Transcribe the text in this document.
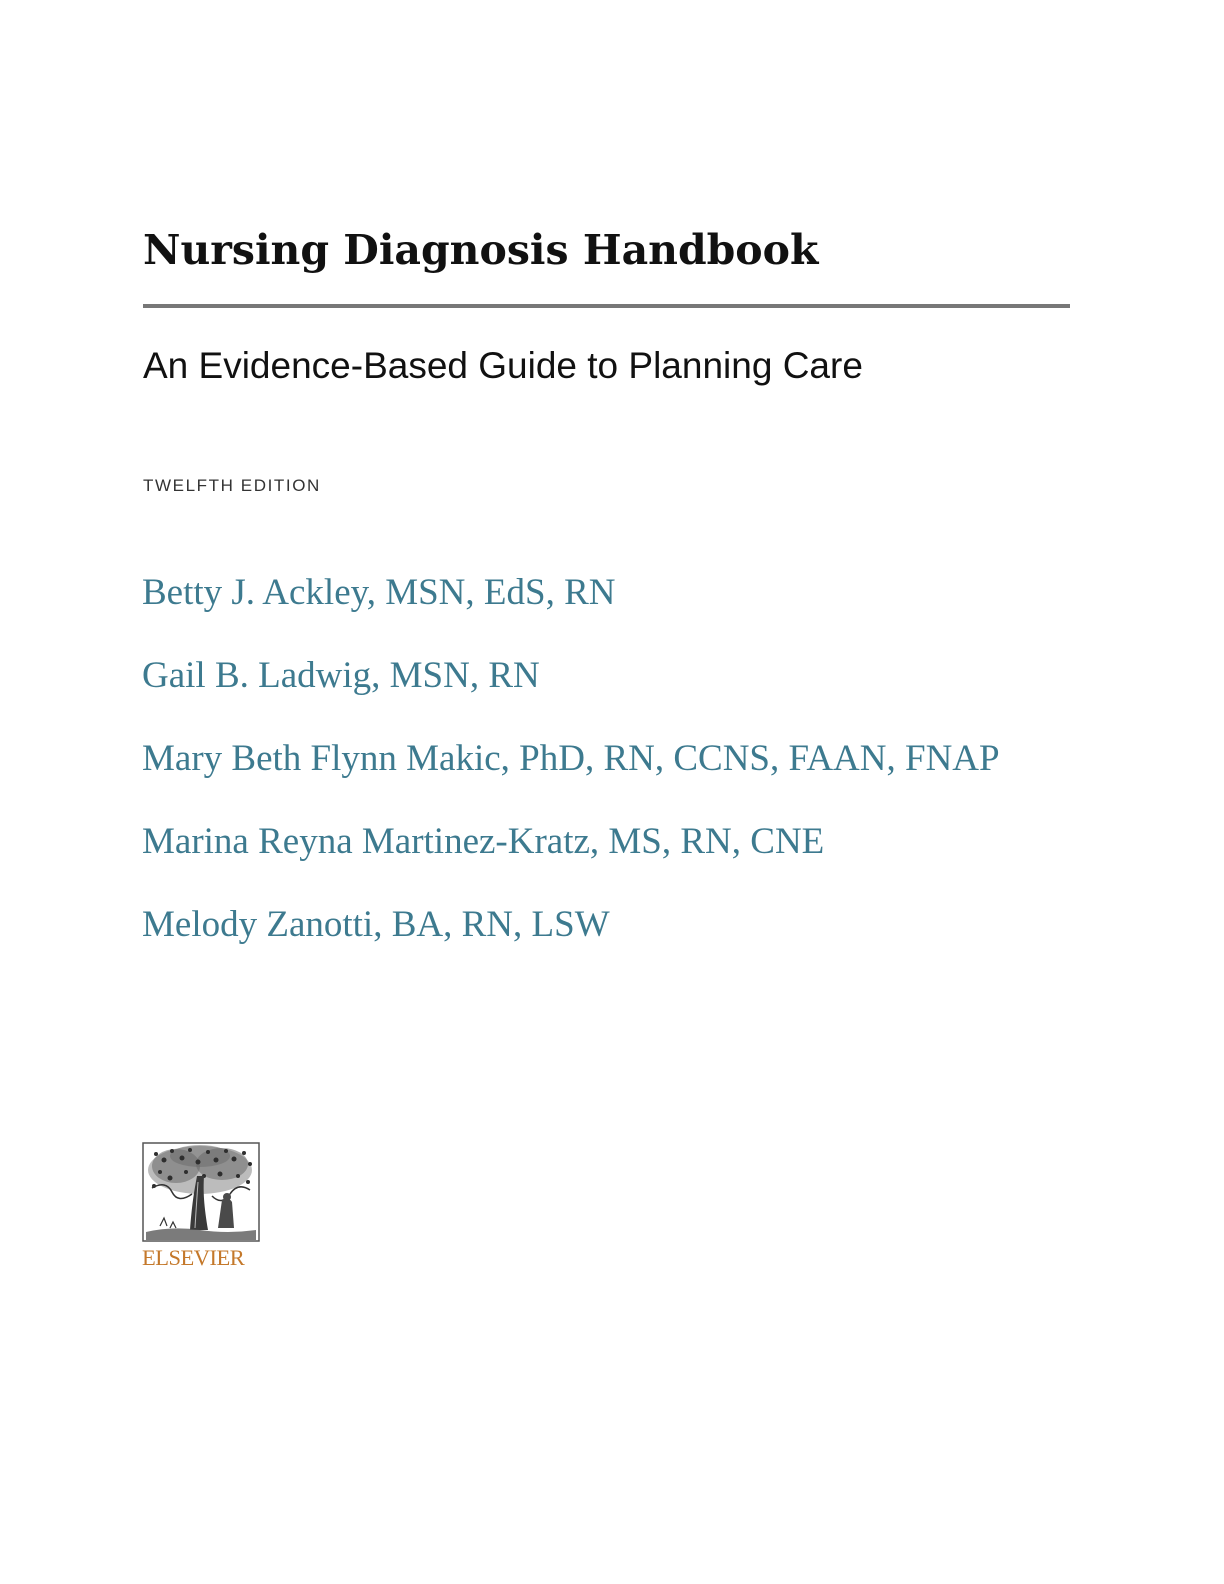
Nursing Diagnosis Handbook
An Evidence-Based Guide to Planning Care
TWELFTH EDITION
Betty J. Ackley, MSN, EdS, RN
Gail B. Ladwig, MSN, RN
Mary Beth Flynn Makic, PhD, RN, CCNS, FAAN, FNAP
Marina Reyna Martinez-Kratz, MS, RN, CNE
Melody Zanotti, BA, RN, LSW
ELSEVIER
